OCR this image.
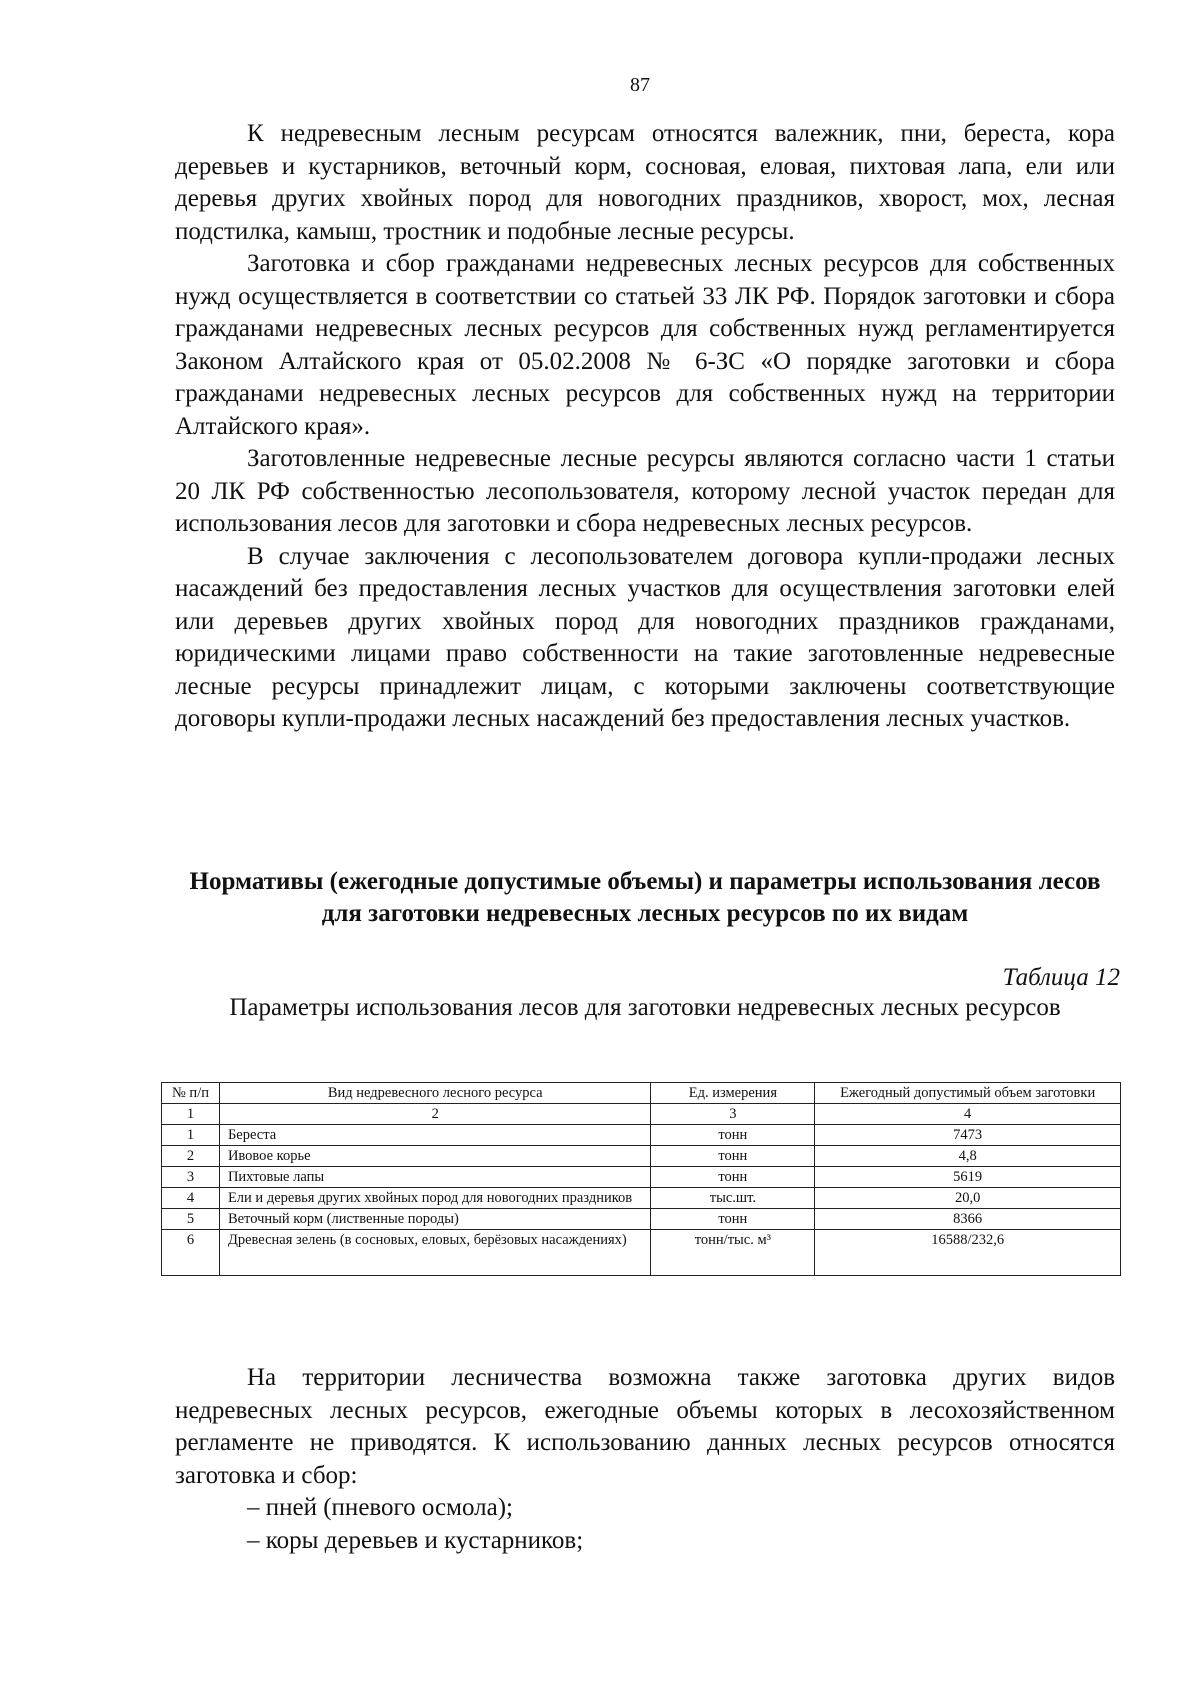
87

К недревесным лесным ресурсам относятся валежник, пни, береста, кора деревьев и кустарников, веточный корм, сосновая, еловая, пихтовая лапа, ели или деревья других хвойных пород для новогодних праздников, хворост, мох, лесная подстилка, камыш, тростник и подобные лесные ресурсы.

Заготовка и сбор гражданами недревесных лесных ресурсов для собственных нужд осуществляется в соответствии со статьей 33 ЛК РФ. Порядок заготовки и сбора гражданами недревесных лесных ресурсов для собственных нужд регламентируется Законом Алтайского края от 05.02.2008 № 6-ЗС «О порядке заготовки и сбора гражданами недревесных лесных ресурсов для собственных нужд на территории Алтайского края».

Заготовленные недревесные лесные ресурсы являются согласно части 1 статьи 20 ЛК РФ собственностью лесопользователя, которому лесной участок передан для использования лесов для заготовки и сбора недревесных лесных ресурсов.

В случае заключения с лесопользователем договора купли-продажи лесных насаждений без предоставления лесных участков для осуществления заготовки елей или деревьев других хвойных пород для новогодних праздников гражданами, юридическими лицами право собственности на такие заготовленные недревесные лесные ресурсы принадлежит лицам, с которыми заключены соответствующие договоры купли-продажи лесных насаждений без предоставления лесных участков.

Нормативы (ежегодные допустимые объемы) и параметры использования лесов для заготовки недревесных лесных ресурсов по их видам
Таблица 12
Параметры использования лесов для заготовки недревесных лесных ресурсов
№ п/п	Вид недревесного лесного ресурса	Ед. измерения	Ежегодный допустимый объем заготовки
1	2	3	4
1	Береста	тонн	7473
2	Ивовое корье	тонн	4,8
3	Пихтовые лапы	тонн	5619
4	Ели и деревья других хвойных пород для новогодних праздников	тыс.шт.	20,0
5	Веточный корм (лиственные породы)	тонн	8366
6	Древесная зелень (в сосновых, еловых, берёзовых насаждениях)	тонн/тыс. м³	16588/232,6

На территории лесничества возможна также заготовка других видов недревесных лесных ресурсов, ежегодные объемы которых в лесохозяйственном регламенте не приводятся. К использованию данных лесных ресурсов относятся заготовка и сбор:

– пней (пневого осмола);
– коры деревьев и кустарников;
